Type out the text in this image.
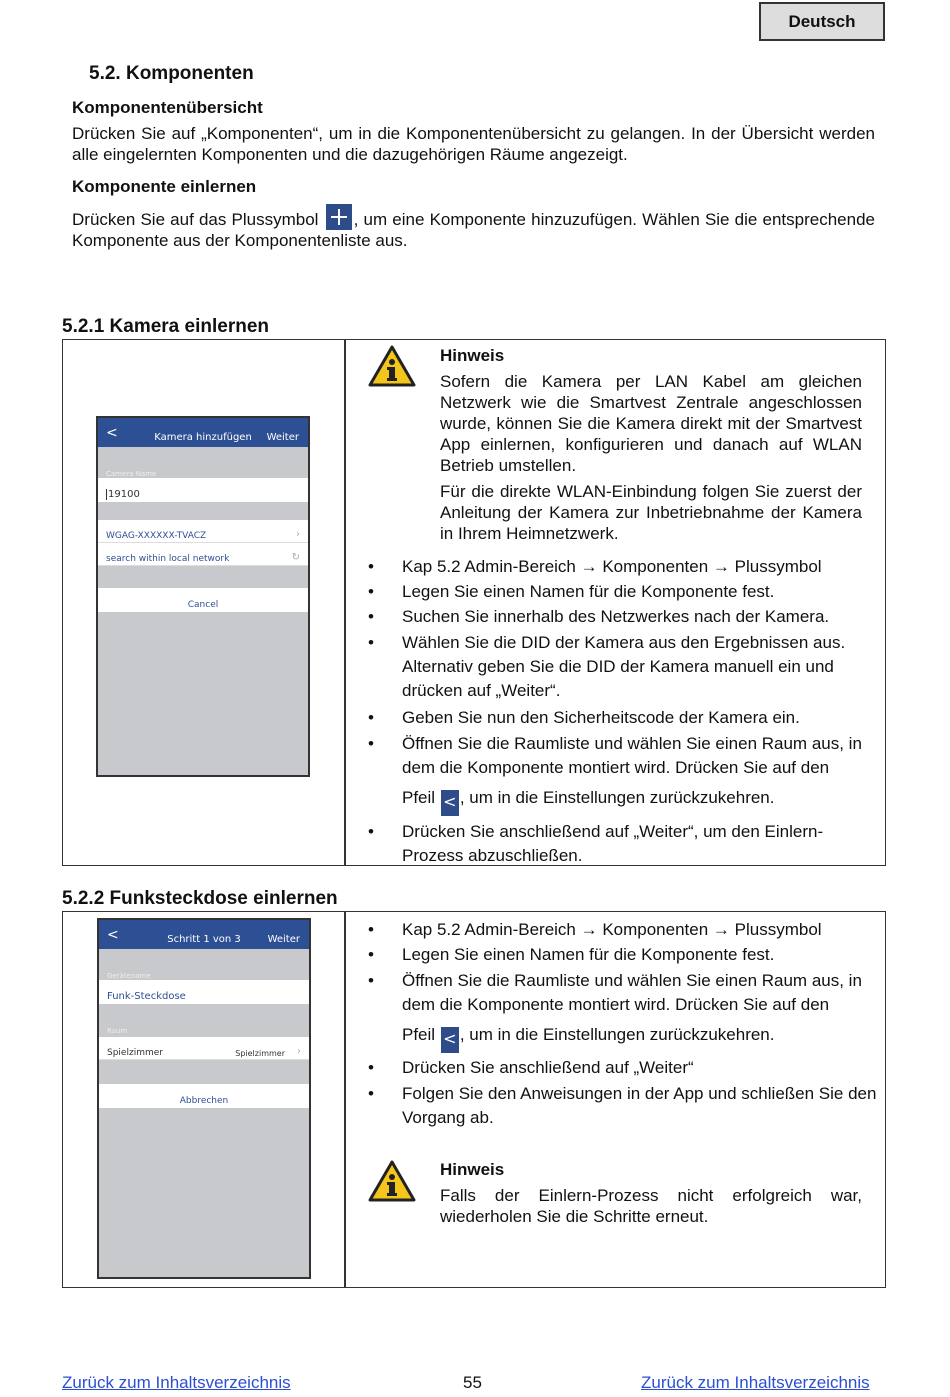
Deutsch
5.2. Komponenten
Komponentenübersicht

Drücken Sie auf „Komponenten“, um in die Komponentenübersicht zu gelangen. In der Übersicht werden alle eingelernten Komponenten und die dazugehörigen Räume angezeigt.

Komponente einlernen

Drücken Sie auf das Plussymbol , um eine Komponente hinzuzufügen. Wählen Sie die entsprechende Komponente aus der Komponentenliste aus.

5.2.1 Kamera einlernen
<	Kamera hinzufügen	Weiter
Camera Name
19100
WGAG-XXXXXX-TVACZ	›
search within local network	↻
Cancel
Hinweis

Sofern die Kamera per LAN Kabel am gleichen Netzwerk wie die Smartvest Zentrale angeschlossen wurde, können Sie die Kamera direkt mit der Smartvest App einlernen, konfigurieren und danach auf WLAN Betrieb umstellen.

Für die direkte WLAN-Einbindung folgen Sie zuerst der Anleitung der Kamera zur Inbetriebnahme der Kamera in Ihrem Heimnetzwerk.

• Kap 5.2 Admin-Bereich → Komponenten → Plussymbol
• Legen Sie einen Namen für die Komponente fest.
• Suchen Sie innerhalb des Netzwerkes nach der Kamera.
• Wählen Sie die DID der Kamera aus den Ergebnissen aus. Alternativ geben Sie die DID der Kamera manuell ein und drücken auf „Weiter“.
• Geben Sie nun den Sicherheitscode der Kamera ein.
• Öffnen Sie die Raumliste und wählen Sie einen Raum aus, in dem die Komponente montiert wird. Drücken Sie auf den
Pfeil < , um in die Einstellungen zurückzukehren.
• Drücken Sie anschließend auf „Weiter“, um den Einlern-Prozess abzuschließen.
5.2.2 Funksteckdose einlernen
<	Schritt 1 von 3	Weiter
Gerätename
Funk-Steckdose
Raum
Spielzimmer	Spielzimmer ›
Abbrechen
• Kap 5.2 Admin-Bereich → Komponenten → Plussymbol
• Legen Sie einen Namen für die Komponente fest.
• Öffnen Sie die Raumliste und wählen Sie einen Raum aus, in dem die Komponente montiert wird. Drücken Sie auf den
Pfeil < , um in die Einstellungen zurückzukehren.
• Drücken Sie anschließend auf „Weiter“
• Folgen Sie den Anweisungen in der App und schließen Sie den Vorgang ab.
Hinweis

Falls der Einlern-Prozess nicht erfolgreich war, wiederholen Sie die Schritte erneut.

Zurück zum Inhaltsverzeichnis	55	Zurück zum Inhaltsverzeichnis
